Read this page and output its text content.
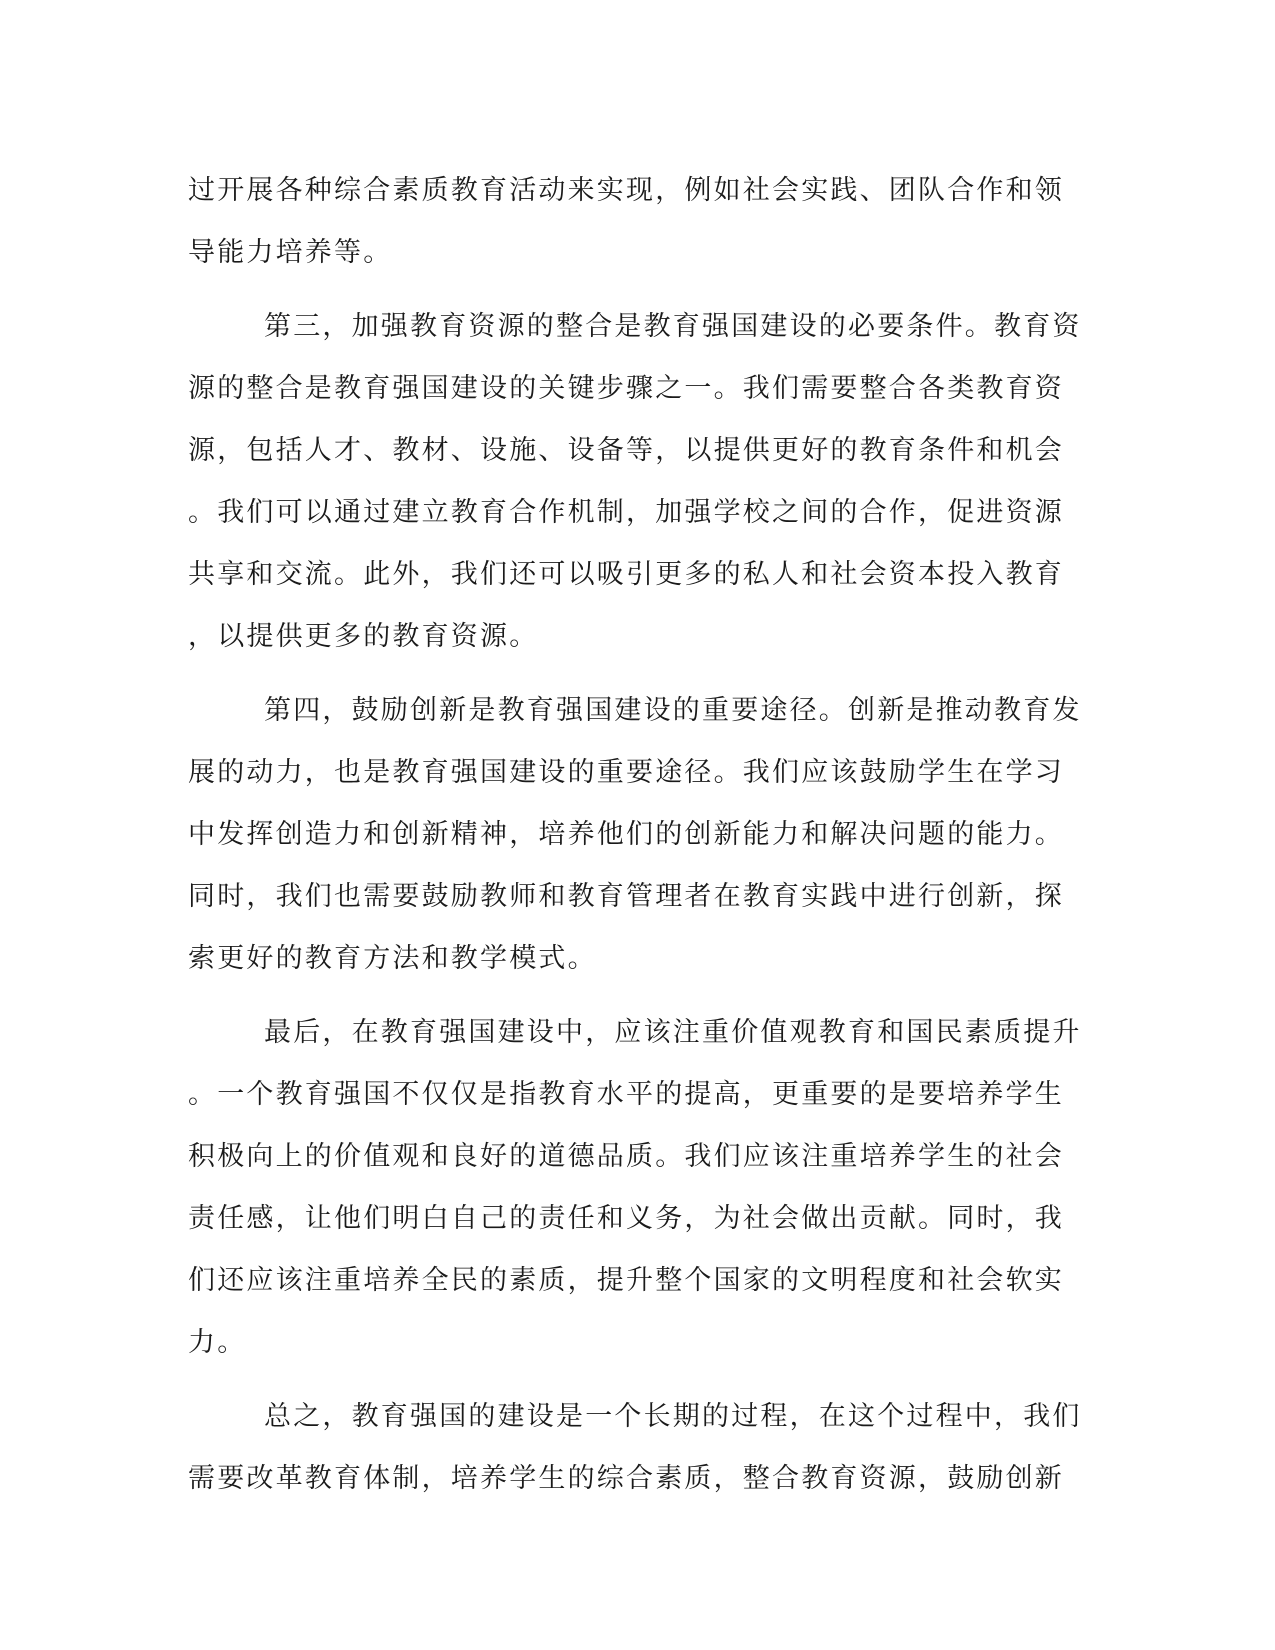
过开展各种综合素质教育活动来实现，例如社会实践、团队合作和领
导能力培养等。
第三，加强教育资源的整合是教育强国建设的必要条件。教育资
源的整合是教育强国建设的关键步骤之一。我们需要整合各类教育资
源，包括人才、教材、设施、设备等，以提供更好的教育条件和机会
。我们可以通过建立教育合作机制，加强学校之间的合作，促进资源
共享和交流。此外，我们还可以吸引更多的私人和社会资本投入教育
，以提供更多的教育资源。
第四，鼓励创新是教育强国建设的重要途径。创新是推动教育发
展的动力，也是教育强国建设的重要途径。我们应该鼓励学生在学习
中发挥创造力和创新精神，培养他们的创新能力和解决问题的能力。
同时，我们也需要鼓励教师和教育管理者在教育实践中进行创新，探
索更好的教育方法和教学模式。
最后，在教育强国建设中，应该注重价值观教育和国民素质提升
。一个教育强国不仅仅是指教育水平的提高，更重要的是要培养学生
积极向上的价值观和良好的道德品质。我们应该注重培养学生的社会
责任感，让他们明白自己的责任和义务，为社会做出贡献。同时，我
们还应该注重培养全民的素质，提升整个国家的文明程度和社会软实
力。
总之，教育强国的建设是一个长期的过程，在这个过程中，我们
需要改革教育体制，培养学生的综合素质，整合教育资源，鼓励创新
